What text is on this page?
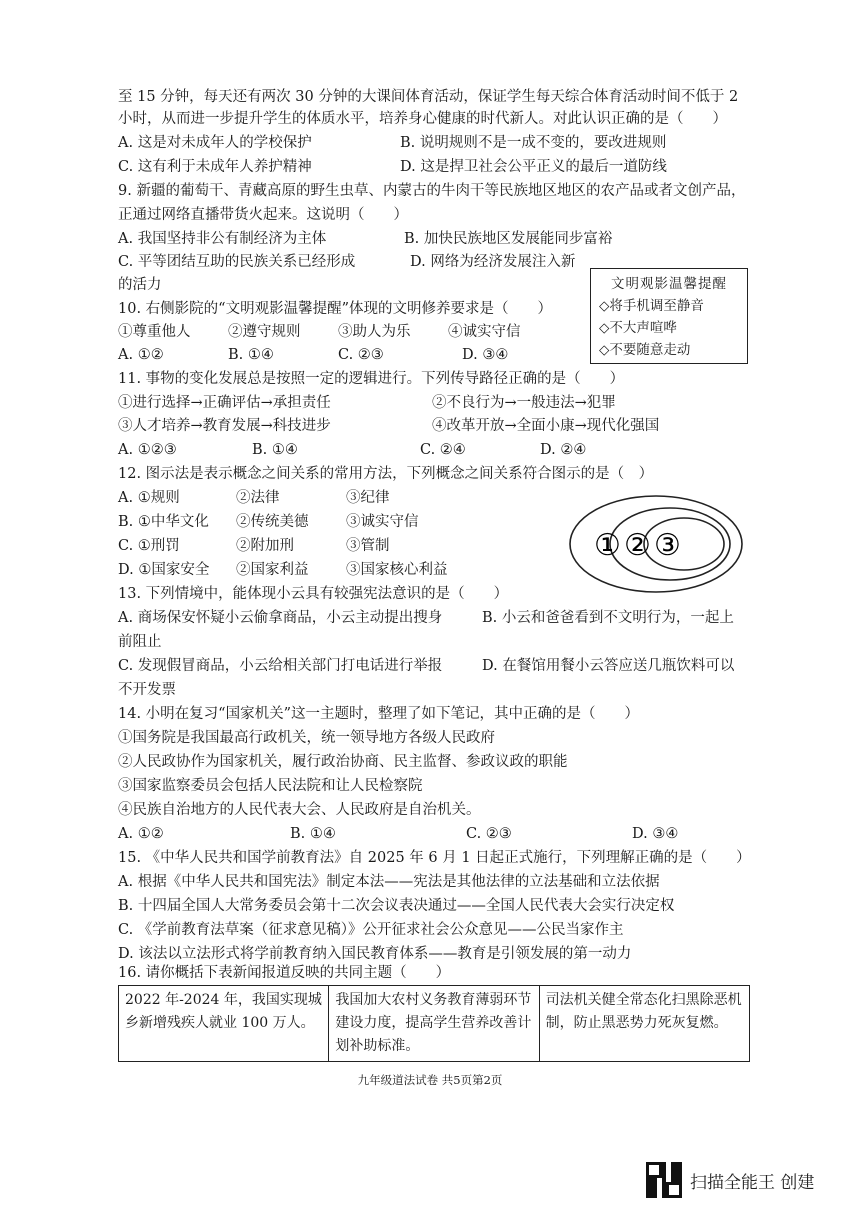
至 15 分钟，每天还有两次 30 分钟的大课间体育活动，保证学生每天综合体育活动时间不低于 2
小时，从而进一步提升学生的体质水平，培养身心健康的时代新人。对此认识正确的是（　　）
A. 这是对未成年人的学校保护	B. 说明规则不是一成不变的，要改进规则
C. 这有利于未成年人养护精神	D. 这是捍卫社会公平正义的最后一道防线
9. 新疆的葡萄干、青藏高原的野生虫草、内蒙古的牛肉干等民族地区地区的农产品或者文创产品，
正通过网络直播带货火起来。这说明（　　）
A. 我国坚持非公有制经济为主体	B. 加快民族地区发展能同步富裕
C. 平等团结互助的民族关系已经形成	D. 网络为经济发展注入新
的活力	文明观影温馨提醒
◇将手机调至静音
◇不大声喧哗
◇不要随意走动
10. 右侧影院的“文明观影温馨提醒”体现的文明修养要求是（　　）
①尊重他人	②遵守规则	③助人为乐	④诚实守信
A. ①②	B. ①④	C. ②③	D. ③④
11. 事物的变化发展总是按照一定的逻辑进行。下列传导路径正确的是（　　）
①进行选择→正确评估→承担责任	②不良行为→一般违法→犯罪
③人才培养→教育发展→科技进步	④改革开放→全面小康→现代化强国
A. ①②③	B. ①④	C. ②④	D. ②④
12. 图示法是表示概念之间关系的常用方法，下列概念之间关系符合图示的是（　）
A. ①规则	②法律	③纪律
B. ①中华文化 ②传统美德	③诚实守信
C. ①刑罚	②附加刑	③管制
D. ①国家安全 ②国家利益	③国家核心利益
① ② ③
13. 下列情境中，能体现小云具有较强宪法意识的是（　　）
A. 商场保安怀疑小云偷拿商品，小云主动提出搜身	B. 小云和爸爸看到不文明行为，一起上
前阻止
C. 发现假冒商品，小云给相关部门打电话进行举报	D. 在餐馆用餐小云答应送几瓶饮料可以
不开发票
14. 小明在复习“国家机关”这一主题时，整理了如下笔记，其中正确的是（　　）
①国务院是我国最高行政机关，统一领导地方各级人民政府
②人民政协作为国家机关，履行政治协商、民主监督、参政议政的职能
③国家监察委员会包括人民法院和让人民检察院
④民族自治地方的人民代表大会、人民政府是自治机关。
A. ①②	B. ①④	C. ②③	D. ③④
15. 《中华人民共和国学前教育法》自 2025 年 6 月 1 日起正式施行，下列理解正确的是（　　）
A. 根据《中华人民共和国宪法》制定本法——宪法是其他法律的立法基础和立法依据
B. 十四届全国人大常务委员会第十二次会议表决通过——全国人民代表大会实行决定权
C. 《学前教育法草案（征求意见稿）》公开征求社会公众意见——公民当家作主
D. 该法以立法形式将学前教育纳入国民教育体系——教育是引领发展的第一动力
16. 请你概括下表新闻报道反映的共同主题（　　）
2022 年-2024 年，我国实现城乡新增残疾人就业 100 万人。	我国加大农村义务教育薄弱环节建设力度，提高学生营养改善计划补助标准。	司法机关健全常态化扫黑除恶机制，防止黑恶势力死灰复燃。
九年级道法试卷 共5页第2页
扫描全能王 创建
